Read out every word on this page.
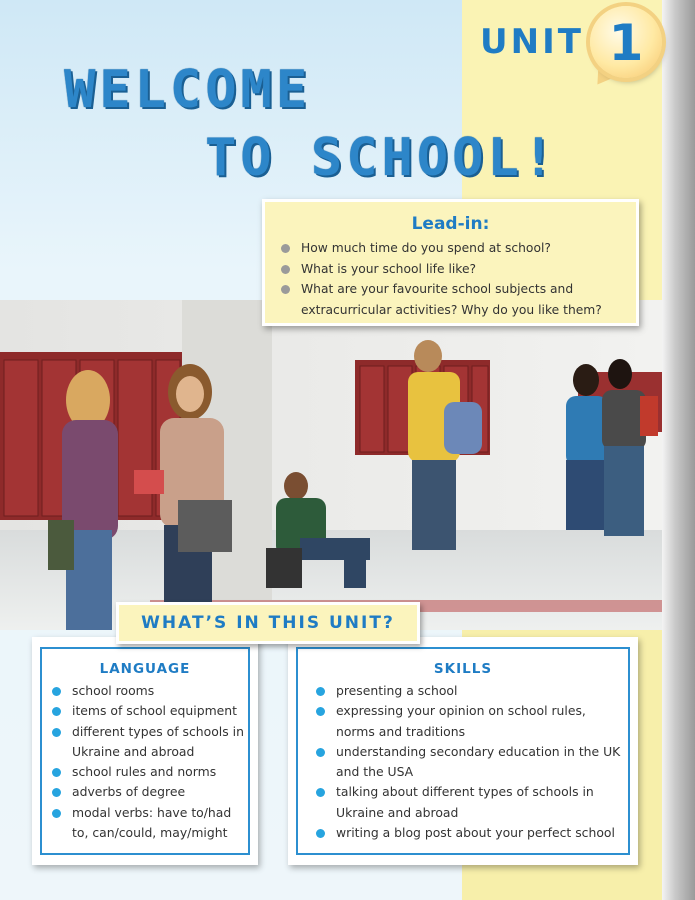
UNIT 1
WELCOME
TO SCHOOL!
Lead-in:
How much time do you spend at school?
What is your school life like?
What are your favourite school subjects and extracurricular activities? Why do you like them?
LANGUAGE
school rooms
items of school equipment
different types of schools in Ukraine and abroad
school rules and norms
adverbs of degree
modal verbs: have to/had to, can/could, may/might
SKILLS
presenting a school
expressing your opinion on school rules, norms and traditions
understanding secondary education in the UK and the USA
talking about different types of schools in Ukraine and abroad
writing a blog post about your perfect school
WHAT’S IN THIS UNIT?
